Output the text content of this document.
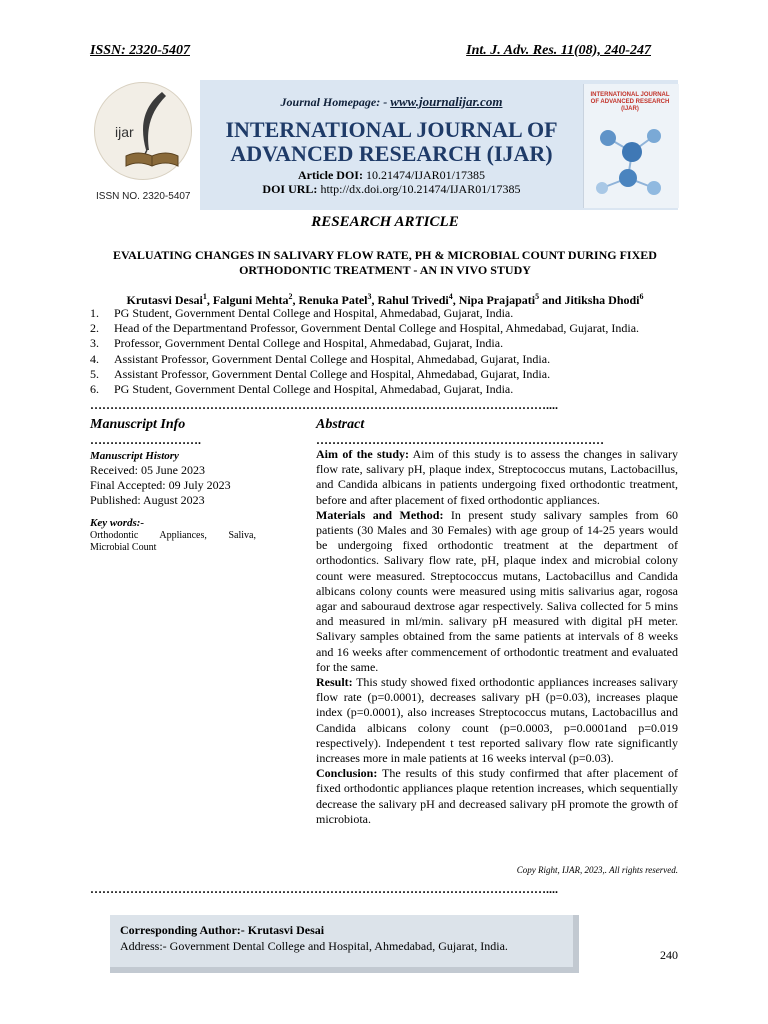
ISSN: 2320-5407	Int. J. Adv. Res. 11(08), 240-247
ijar
ISSN NO. 2320-5407
Journal Homepage: - www.journalijar.com
INTERNATIONAL JOURNAL OF
ADVANCED RESEARCH (IJAR)
Article DOI: 10.21474/IJAR01/17385
DOI URL: http://dx.doi.org/10.21474/IJAR01/17385
INTERNATIONAL JOURNAL OF ADVANCED RESEARCH (IJAR)
RESEARCH ARTICLE
EVALUATING CHANGES IN SALIVARY FLOW RATE, PH & MICROBIAL COUNT DURING FIXED
ORTHODONTIC TREATMENT - AN IN VIVO STUDY
Krutasvi Desai$^1$, Falguni Mehta$^2$, Renuka Patel$^3$, Rahul Trivedi$^4$, Nipa Prajapati$^5$ and Jitiksha Dhodi$^6$
1. PG Student, Government Dental College and Hospital, Ahmedabad, Gujarat, India.
2. Head of the Departmentand Professor, Government Dental College and Hospital, Ahmedabad, Gujarat, India.
3. Professor, Government Dental College and Hospital, Ahmedabad, Gujarat, India.
4. Assistant Professor, Government Dental College and Hospital, Ahmedabad, Gujarat, India.
5. Assistant Professor, Government Dental College and Hospital, Ahmedabad, Gujarat, India.
6. PG Student, Government Dental College and Hospital, Ahmedabad, Gujarat, India.
……………………………………………………………………………………………………....
Manuscript Info
……………………….
Manuscript History
Received: 05 June 2023
Final Accepted: 09 July 2023
Published: August 2023
Key words:-
Orthodontic Appliances, Saliva, Microbial Count
Abstract
………………………………………………………………

Aim of the study: Aim of this study is to assess the changes in salivary flow rate, salivary pH, plaque index, Streptococcus mutans, Lactobacillus, and Candida albicans in patients undergoing fixed orthodontic treatment, before and after placement of fixed orthodontic appliances.

Materials and Method: In present study salivary samples from 60 patients (30 Males and 30 Females) with age group of 14-25 years would be undergoing fixed orthodontic treatment at the department of orthodontics. Salivary flow rate, pH, plaque index and microbial colony count were measured. Streptococcus mutans, Lactobacillus and Candida albicans colony counts were measured using mitis salivarius agar, rogosa agar and sabouraud dextrose agar respectively. Saliva collected for 5 mins and measured in ml/min. salivary pH measured with digital pH meter. Salivary samples obtained from the same patients at intervals of 8 weeks and 16 weeks after commencement of orthodontic treatment and evaluated for the same.

Result: This study showed fixed orthodontic appliances increases salivary flow rate (p=0.0001), decreases salivary pH (p=0.03), increases plaque index (p=0.0001), also increases Streptococcus mutans, Lactobacillus and Candida albicans colony count (p=0.0003, p=0.0001and p=0.019 respectively). Independent t test reported salivary flow rate significantly increases more in male patients at 16 weeks interval (p=0.03).

Conclusion: The results of this study confirmed that after placement of fixed orthodontic appliances plaque retention increases, which sequentially decrease the salivary pH and decreased salivary pH promote the growth of microbiota.

Copy Right, IJAR, 2023,. All rights reserved.
……………………………………………………………………………………………………....
Corresponding Author:- Krutasvi Desai
Address:- Government Dental College and Hospital, Ahmedabad, Gujarat, India.
240
